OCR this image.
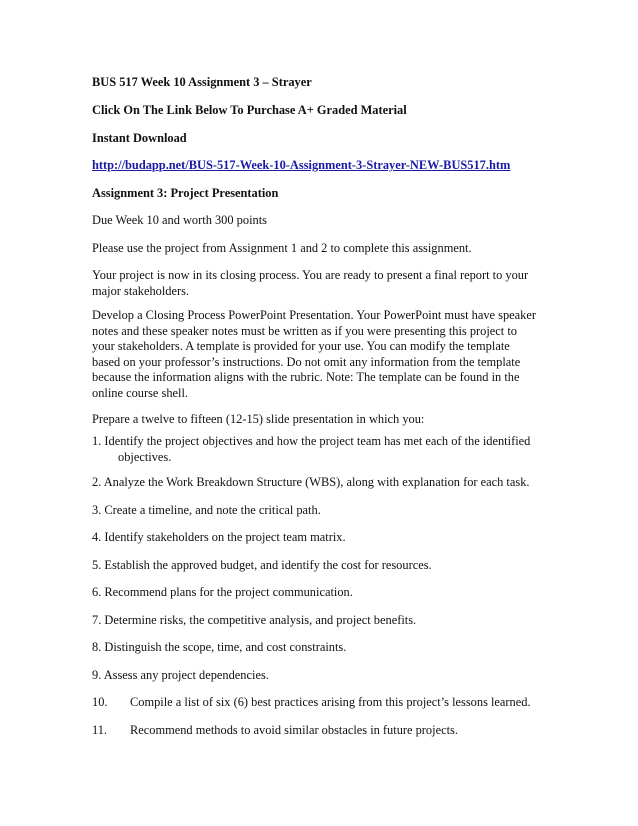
BUS 517 Week 10 Assignment 3 – Strayer
Click On The Link Below To Purchase A+ Graded Material
Instant Download
http://budapp.net/BUS-517-Week-10-Assignment-3-Strayer-NEW-BUS517.htm
Assignment 3: Project Presentation
Due Week 10 and worth 300 points
Please use the project from Assignment 1 and 2 to complete this assignment.
Your project is now in its closing process. You are ready to present a final report to your
major stakeholders.
Develop a Closing Process PowerPoint Presentation. Your PowerPoint must have speaker
notes and these speaker notes must be written as if you were presenting this project to
your stakeholders. A template is provided for your use. You can modify the template
based on your professor’s instructions. Do not omit any information from the template
because the information aligns with the rubric. Note: The template can be found in the
online course shell.
Prepare a twelve to fifteen (12-15) slide presentation in which you:
1. Identify the project objectives and how the project team has met each of the identified
objectives.
2. Analyze the Work Breakdown Structure (WBS), along with explanation for each task.
3. Create a timeline, and note the critical path.
4. Identify stakeholders on the project team matrix.
5. Establish the approved budget, and identify the cost for resources.
6. Recommend plans for the project communication.
7. Determine risks, the competitive analysis, and project benefits.
8. Distinguish the scope, time, and cost constraints.
9. Assess any project dependencies.
10. Compile a list of six (6) best practices arising from this project’s lessons learned.
11. Recommend methods to avoid similar obstacles in future projects.
